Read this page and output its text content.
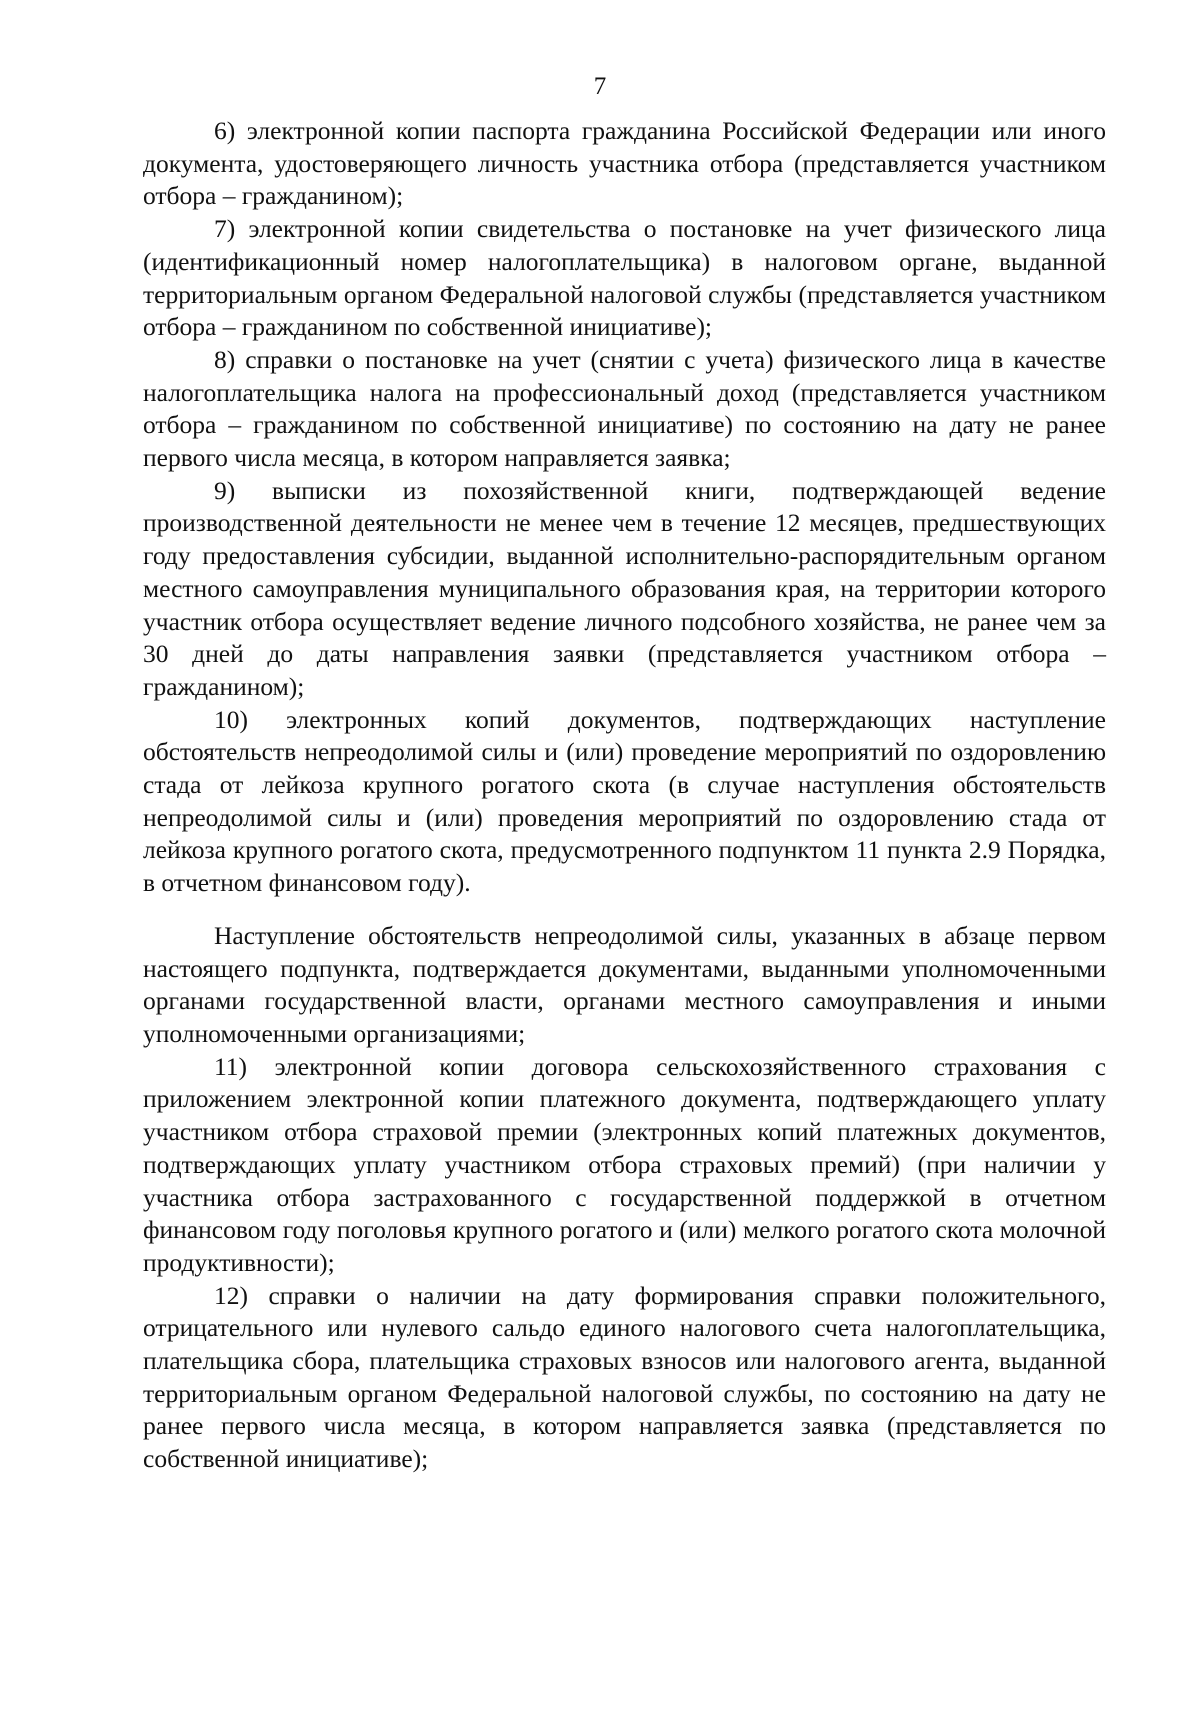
7

6) электронной копии паспорта гражданина Российской Федерации или иного документа, удостоверяющего личность участника отбора (представляется участником отбора – гражданином);

7) электронной копии свидетельства о постановке на учет физического лица (идентификационный номер налогоплательщика) в налоговом органе, выданной территориальным органом Федеральной налоговой службы (представляется участником отбора – гражданином по собственной инициативе);

8) справки о постановке на учет (снятии с учета) физического лица в качестве налогоплательщика налога на профессиональный доход (представляется участником отбора – гражданином по собственной инициативе) по состоянию на дату не ранее первого числа месяца, в котором направляется заявка;

9) выписки из похозяйственной книги, подтверждающей ведение производственной деятельности не менее чем в течение 12 месяцев, предшествующих году предоставления субсидии, выданной исполнительно-распорядительным органом местного самоуправления муниципального образования края, на территории которого участник отбора осуществляет ведение личного подсобного хозяйства, не ранее чем за 30 дней до даты направления заявки (представляется участником отбора – гражданином);

10) электронных копий документов, подтверждающих наступление обстоятельств непреодолимой силы и (или) проведение мероприятий по оздоровлению стада от лейкоза крупного рогатого скота (в случае наступления обстоятельств непреодолимой силы и (или) проведения мероприятий по оздоровлению стада от лейкоза крупного рогатого скота, предусмотренного подпунктом 11 пункта 2.9 Порядка, в отчетном финансовом году).

Наступление обстоятельств непреодолимой силы, указанных в абзаце первом настоящего подпункта, подтверждается документами, выданными уполномоченными органами государственной власти, органами местного самоуправления и иными уполномоченными организациями;

11) электронной копии договора сельскохозяйственного страхования с приложением электронной копии платежного документа, подтверждающего уплату участником отбора страховой премии (электронных копий платежных документов, подтверждающих уплату участником отбора страховых премий) (при наличии у участника отбора застрахованного с государственной поддержкой в отчетном финансовом году поголовья крупного рогатого и (или) мелкого рогатого скота молочной продуктивности);

12) справки о наличии на дату формирования справки положительного, отрицательного или нулевого сальдо единого налогового счета налогоплательщика, плательщика сбора, плательщика страховых взносов или налогового агента, выданной территориальным органом Федеральной налоговой службы, по состоянию на дату не ранее первого числа месяца, в котором направляется заявка (представляется по собственной инициативе);
